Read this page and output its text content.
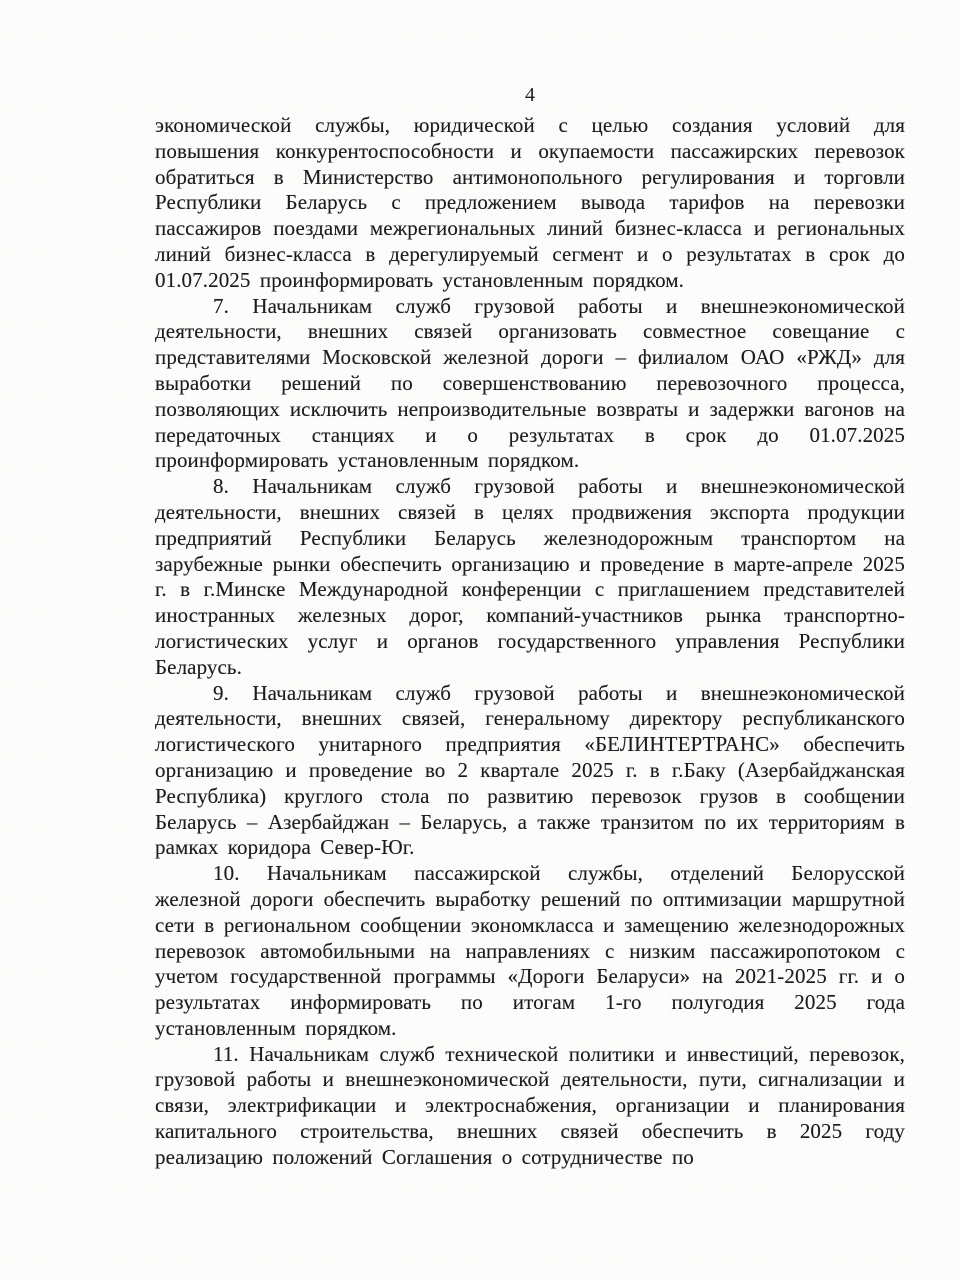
4

экономической службы, юридической с целью создания условий для повышения конкурентоспособности и окупаемости пассажирских перевозок обратиться в Министерство антимонопольного регулирования и торговли Республики Беларусь с предложением вывода тарифов на перевозки пассажиров поездами межрегиональных линий бизнес-класса и региональных линий бизнес-класса в дерегулируемый сегмент и о результатах в срок до 01.07.2025 проинформировать установленным порядком.

7. Начальникам служб грузовой работы и внешнеэкономической деятельности, внешних связей организовать совместное совещание с представителями Московской железной дороги – филиалом ОАО «РЖД» для выработки решений по совершенствованию перевозочного процесса, позволяющих исключить непроизводительные возвраты и задержки вагонов на передаточных станциях и о результатах в срок до 01.07.2025 проинформировать установленным порядком.

8. Начальникам служб грузовой работы и внешнеэкономической деятельности, внешних связей в целях продвижения экспорта продукции предприятий Республики Беларусь железнодорожным транспортом на зарубежные рынки обеспечить организацию и проведение в марте-апреле 2025 г. в г.Минске Международной конференции с приглашением представителей иностранных железных дорог, компаний-участников рынка транспортно-логистических услуг и органов государственного управления Республики Беларусь.

9. Начальникам служб грузовой работы и внешнеэкономической деятельности, внешних связей, генеральному директору республиканского логистического унитарного предприятия «БЕЛИНТЕРТРАНС» обеспечить организацию и проведение во 2 квартале 2025 г. в г.Баку (Азербайджанская Республика) круглого стола по развитию перевозок грузов в сообщении Беларусь – Азербайджан – Беларусь, а также транзитом по их территориям в рамках коридора Север-Юг.

10. Начальникам пассажирской службы, отделений Белорусской железной дороги обеспечить выработку решений по оптимизации маршрутной сети в региональном сообщении экономкласса и замещению железнодорожных перевозок автомобильными на направлениях с низким пассажиропотоком с учетом государственной программы «Дороги Беларуси» на 2021-2025 гг. и о результатах информировать по итогам 1-го полугодия 2025 года установленным порядком.

11. Начальникам служб технической политики и инвестиций, перевозок, грузовой работы и внешнеэкономической деятельности, пути, сигнализации и связи, электрификации и электроснабжения, организации и планирования капитального строительства, внешних связей обеспечить в 2025 году реализацию положений Соглашения о сотрудничестве по
